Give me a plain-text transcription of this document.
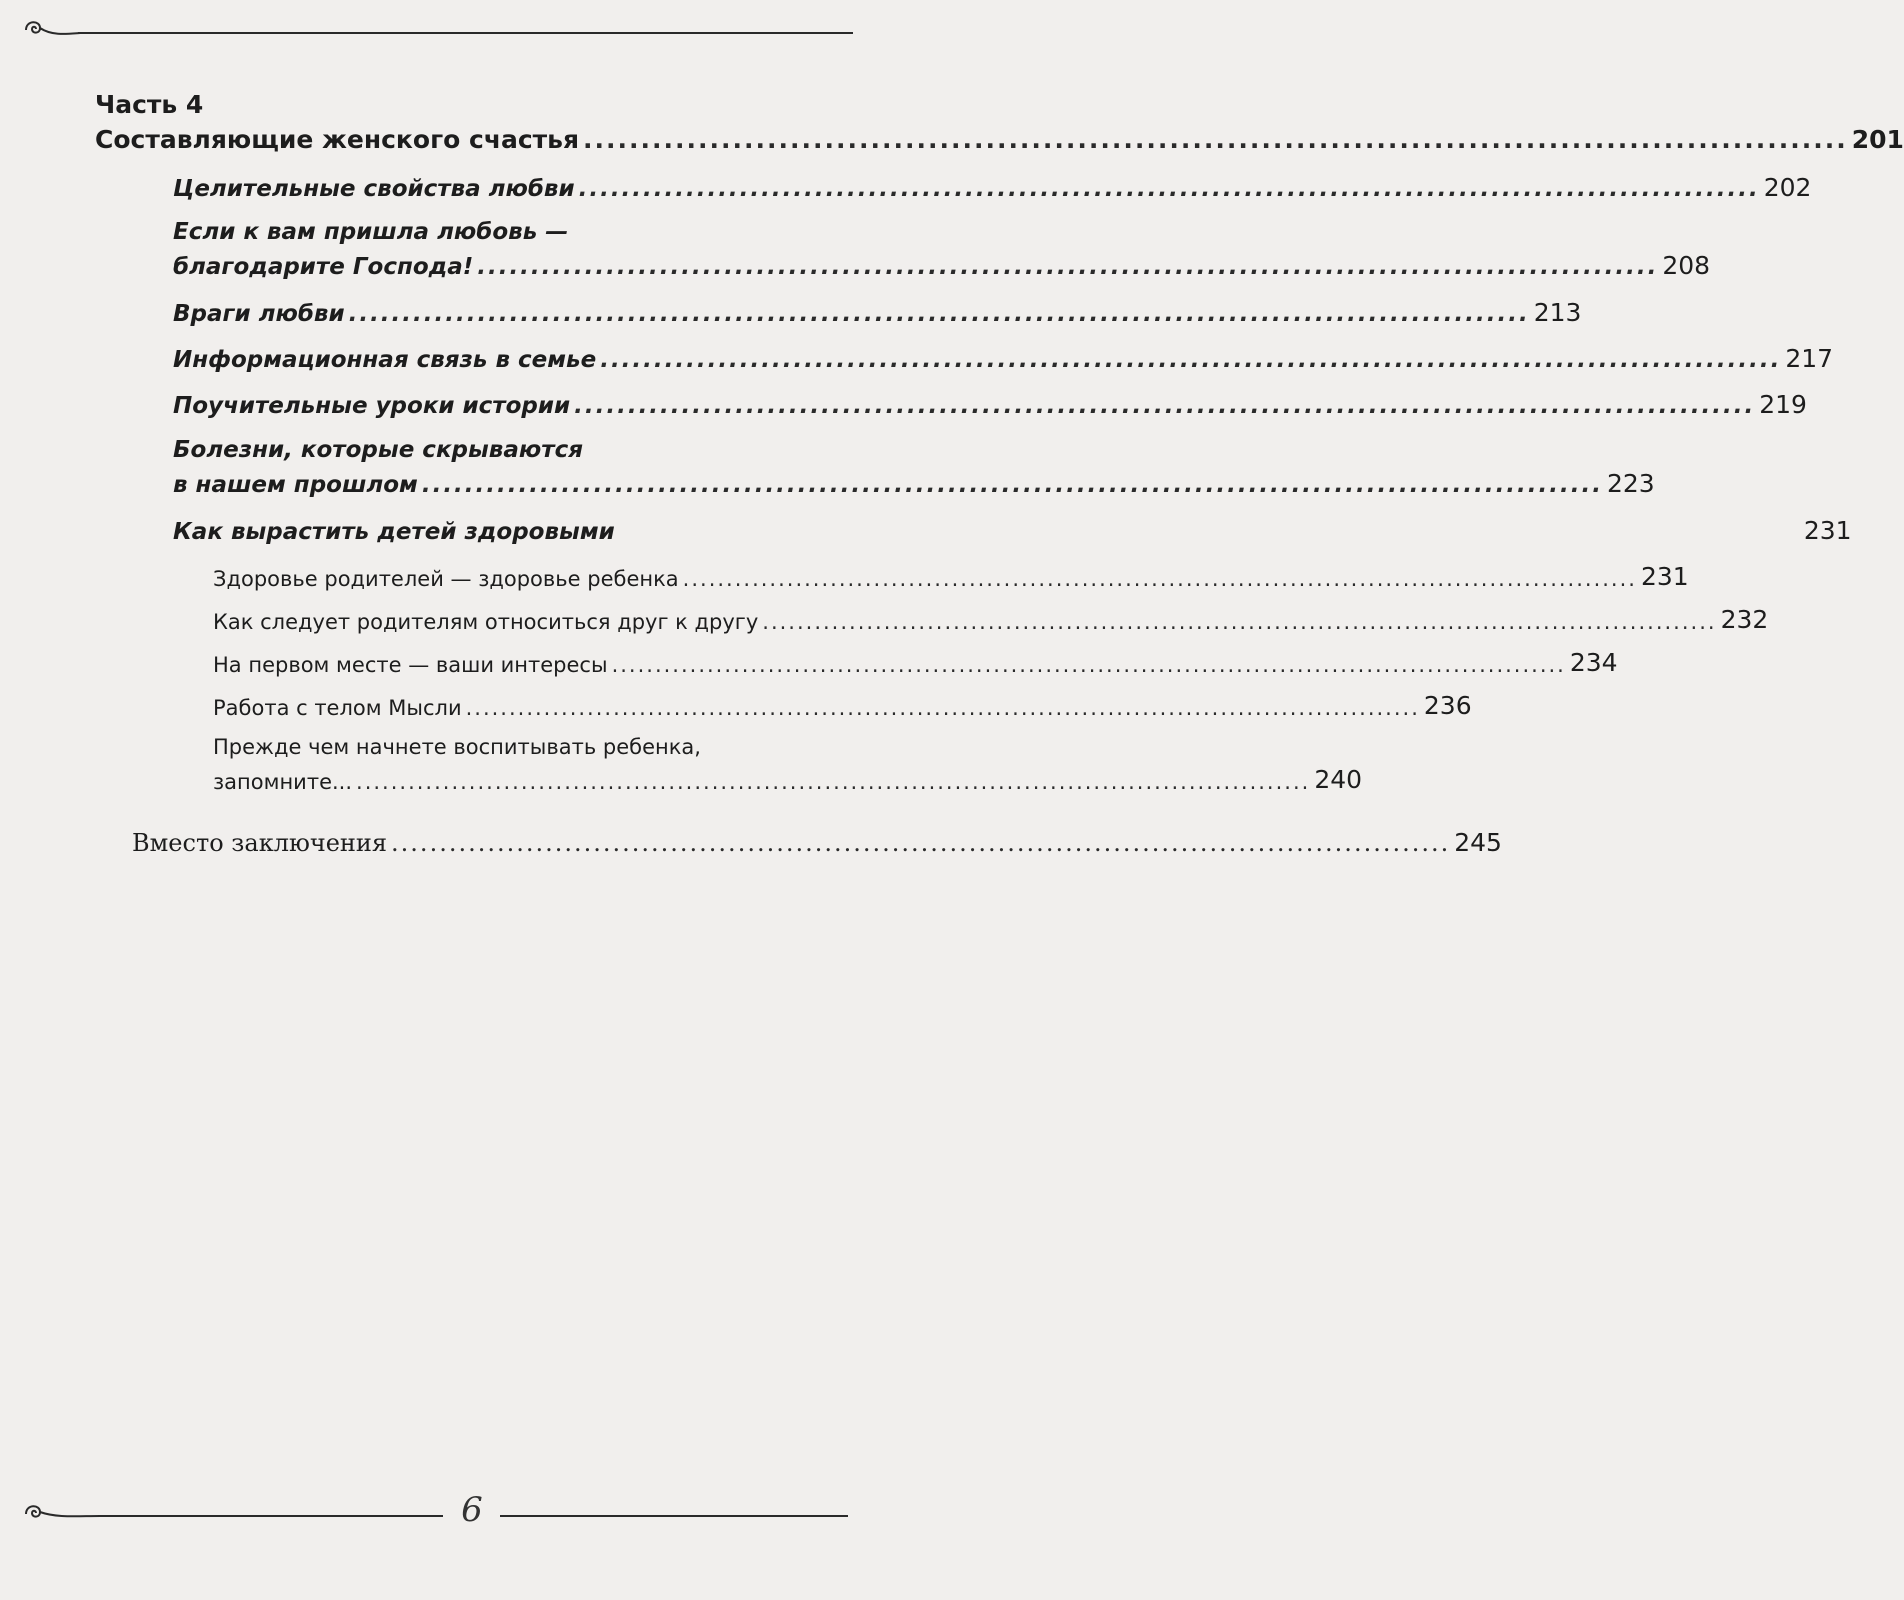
Часть 4
Составляющие женского счастья .............................................................................................................. 201
Целительные свойства любви .............................................................................................................. 202
Если к вам пришла любовь —
благодарите Господа! .............................................................................................................. 208
Враги любви .............................................................................................................. 213
Информационная связь в семье .............................................................................................................. 217
Поучительные уроки истории .............................................................................................................. 219
Болезни, которые скрываются
в нашем прошлом .............................................................................................................. 223
Как вырастить детей здоровыми	231
Здоровье родителей — здоровье ребенка .............................................................................................................. 231
Как следует родителям относиться друг к другу .............................................................................................................. 232
На первом месте — ваши интересы .............................................................................................................. 234
Работа с телом Мысли .............................................................................................................. 236
Прежде чем начнете воспитывать ребенка,
запомните... .............................................................................................................. 240
Вместо заключения .............................................................................................................. 245
6
